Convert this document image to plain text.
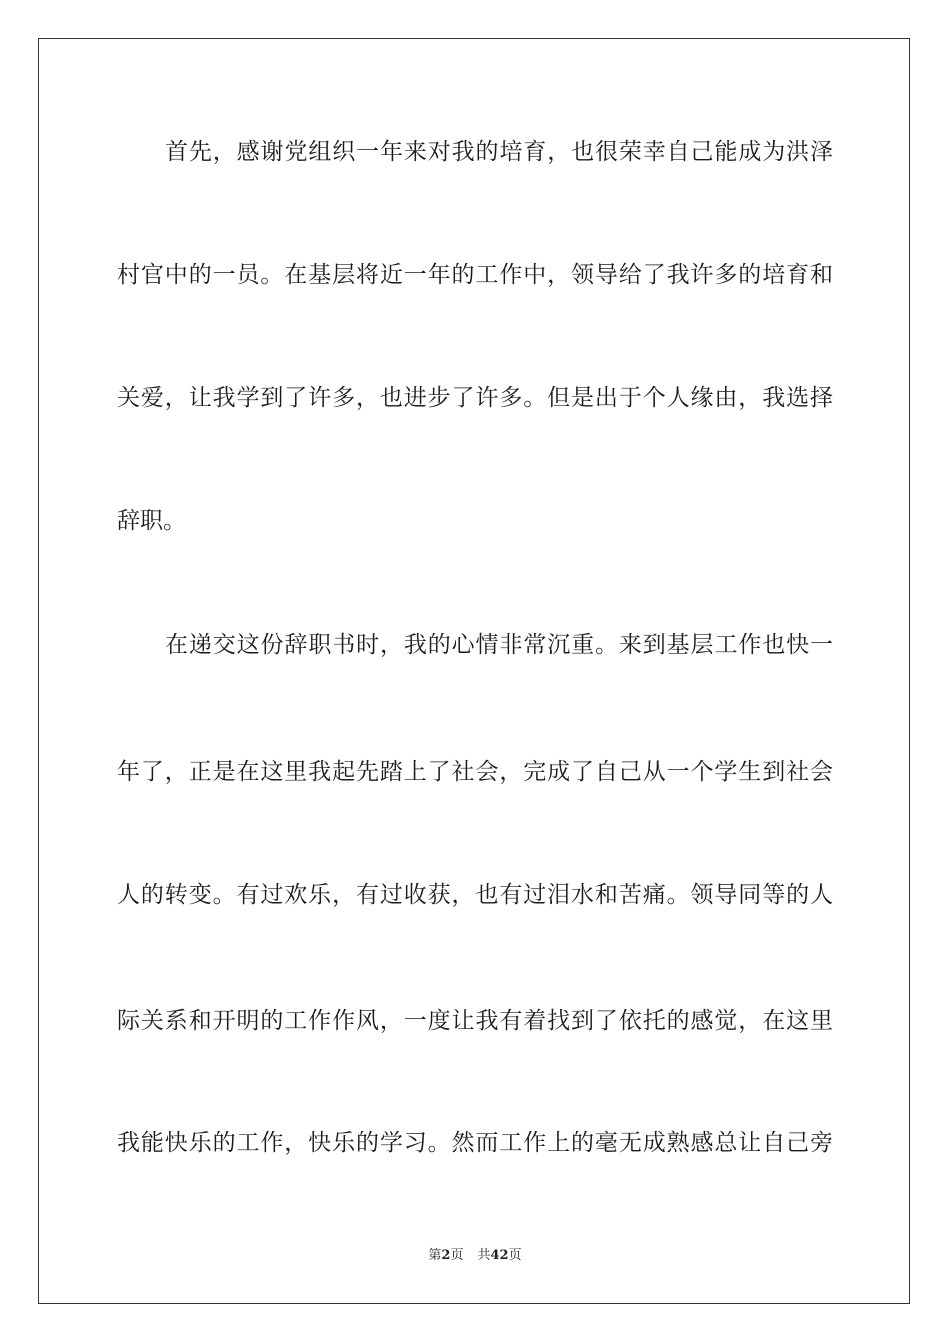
首先，感谢党组织一年来对我的培育，也很荣幸自己能成为洪泽
村官中的一员。在基层将近一年的工作中，领导给了我许多的培育和
关爱，让我学到了许多，也进步了许多。但是出于个人缘由，我选择
辞职。
在递交这份辞职书时，我的心情非常沉重。来到基层工作也快一
年了，正是在这里我起先踏上了社会，完成了自己从一个学生到社会
人的转变。有过欢乐，有过收获，也有过泪水和苦痛。领导同等的人
际关系和开明的工作作风，一度让我有着找到了依托的感觉，在这里
我能快乐的工作，快乐的学习。然而工作上的毫无成熟感总让自己旁
第2页 共42页
